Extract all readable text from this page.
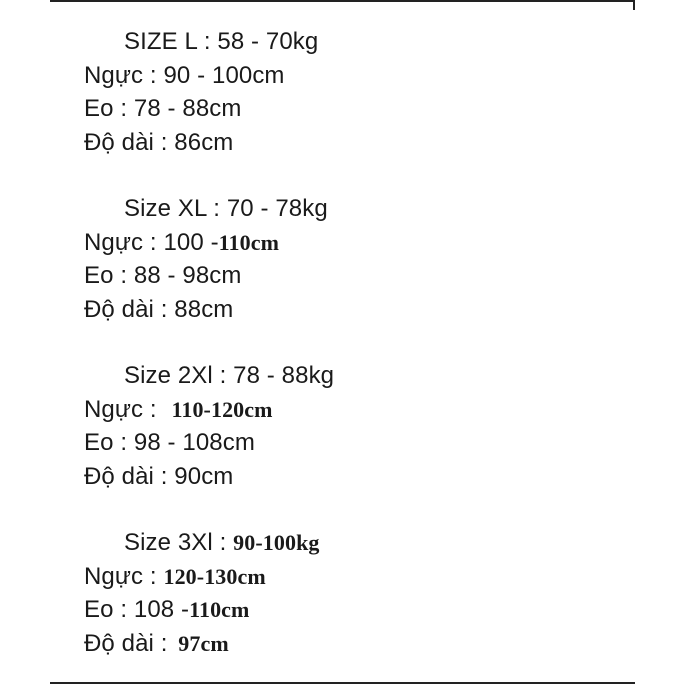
SIZE L : 58 - 70kg
Ngực : 90 - 100cm
Eo : 78 - 88cm
Độ dài : 86cm
Size XL : 70 - 78kg
Ngực : 100 -110cm
Eo : 88 - 98cm
Độ dài : 88cm
Size 2Xl : 78 - 88kg
Ngực : 110-120cm
Eo : 98 - 108cm
Độ dài : 90cm
Size 3Xl : 90-100kg
Ngực : 120-130cm
Eo : 108 -110cm
Độ dài : 97cm
